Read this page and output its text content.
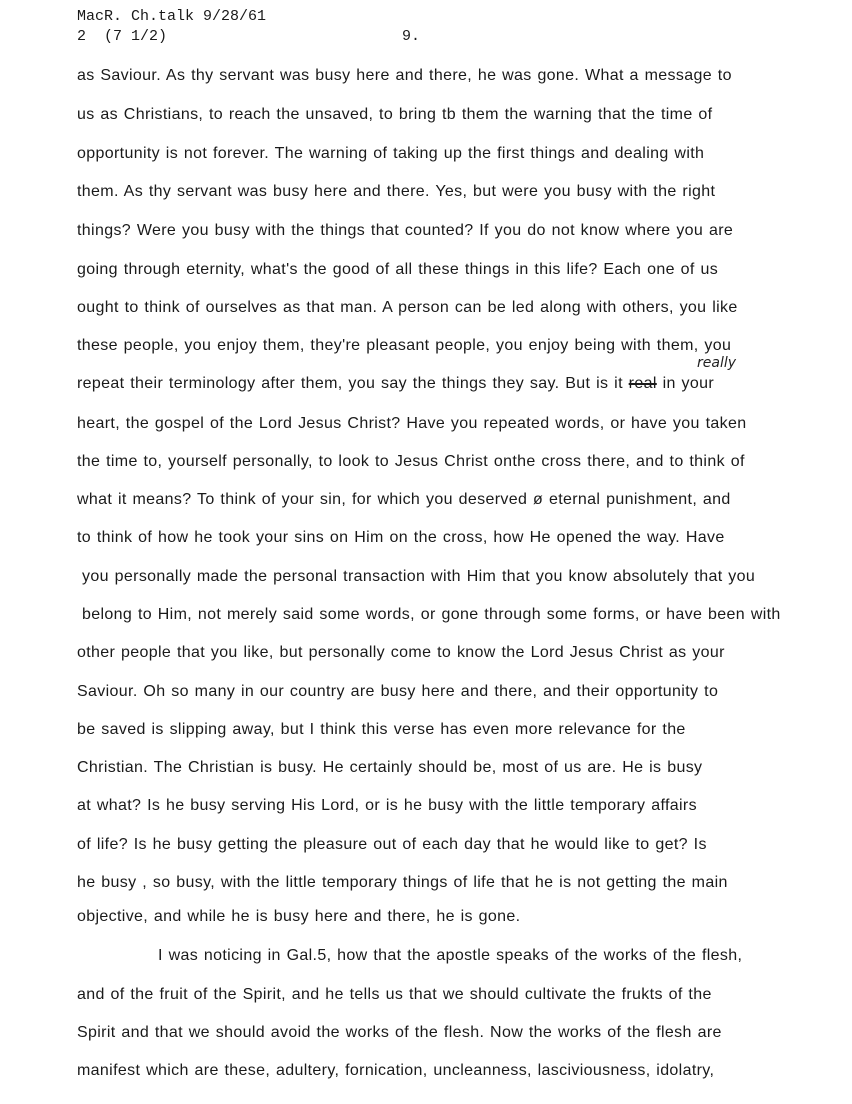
MacR. Ch.talk 9/28/61
2  (7 1/2)	9.
as Saviour. As thy servant was busy here and there, he was gone. What a message to
us as Christians, to reach the unsaved, to bring tb them the warning that the time of
opportunity is not forever. The warning of taking up the first things and dealing with
them. As thy servant was busy here and there. Yes, but were you busy with the right
things? Were you busy with the things that counted? If you do not know where you are
going through eternity, what's the good of all these things in this life? Each one of us
ought to think of ourselves as that man. A person can be led along with others, you like
these people, you enjoy them, they're pleasant people, you enjoy being with them, you
repeat their terminology after them, you say the things they say. But is it real in your
heart, the gospel of the Lord Jesus Christ? Have you repeated words, or have you taken
the time to, yourself personally, to look to Jesus Christ onthe cross there, and to think of
what it means? To think of your sin, for which you deserved ø eternal punishment, and
to think of how he took your sins on Him on the cross, how He opened the way. Have
you personally made the personal transaction with Him that you know absolutely that you
belong to Him, not merely said some words, or gone through some forms, or have been with
other people that you like, but personally come to know the Lord Jesus Christ as your
Saviour. Oh so many in our country are busy here and there, and their opportunity to
be saved is slipping away, but I think this verse has even more relevance for the
Christian. The Christian is busy. He certainly should be, most of us are. He is busy
at what? Is he busy serving His Lord, or is he busy with the little temporary affairs
of life? Is he busy getting the pleasure out of each day that he would like to get? Is
he busy , so busy, with the little temporary things of life that he is not getting the main
objective, and while he is busy here and there, he is gone.
I was noticing in Gal.5, how that the apostle speaks of the works of the flesh,
and of the fruit of the Spirit, and he tells us that we should cultivate the frukts of the
Spirit and that we should avoid the works of the flesh. Now the works of the flesh are
manifest which are these, adultery, fornication, uncleanness, lasciviousness, idolatry,
really
